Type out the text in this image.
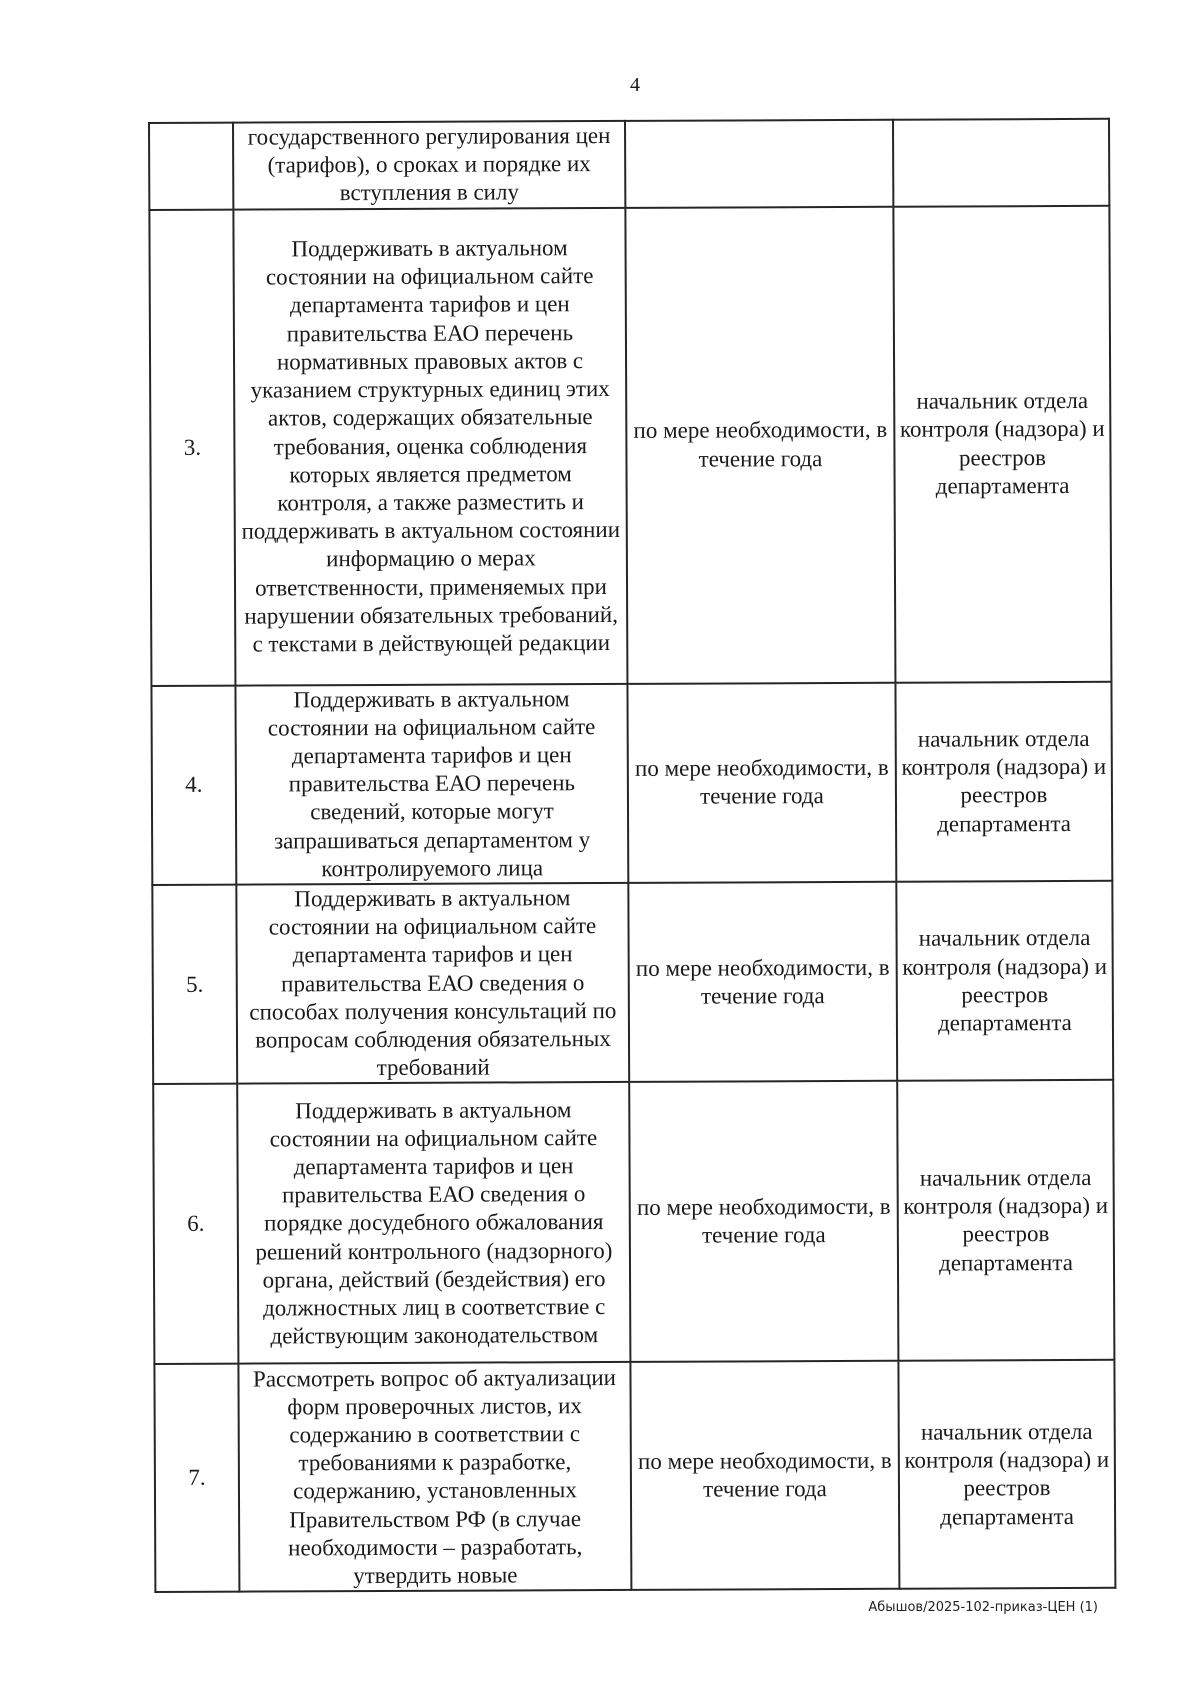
4
	государственного регулирования цен (тарифов), о сроках и порядке их вступления в силу		
3.	Поддерживать в актуальном состоянии на официальном сайте департамента тарифов и цен правительства ЕАО перечень нормативных правовых актов с указанием структурных единиц этих актов, содержащих обязательные требования, оценка соблюдения которых является предметом контроля, а также разместить и поддерживать в актуальном состоянии информацию о мерах ответственности, применяемых при нарушении обязательных требований, с текстами в действующей редакции	по мере необходимости, в течение года	начальник отдела контроля (надзора) и реестров департамента
4.	Поддерживать в актуальном состоянии на официальном сайте департамента тарифов и цен правительства ЕАО перечень сведений, которые могут запрашиваться департаментом у контролируемого лица	по мере необходимости, в течение года	начальник отдела контроля (надзора) и реестров департамента
5.	Поддерживать в актуальном состоянии на официальном сайте департамента тарифов и цен правительства ЕАО сведения о способах получения консультаций по вопросам соблюдения обязательных требований	по мере необходимости, в течение года	начальник отдела контроля (надзора) и реестров департамента
6.	Поддерживать в актуальном состоянии на официальном сайте департамента тарифов и цен правительства ЕАО сведения о порядке досудебного обжалования решений контрольного (надзорного) органа, действий (бездействия) его должностных лиц в соответствие с действующим законодательством	по мере необходимости, в течение года	начальник отдела контроля (надзора) и реестров департамента
7.	Рассмотреть вопрос об актуализации форм проверочных листов, их содержанию в соответствии с требованиями к разработке, содержанию, установленных Правительством РФ (в случае необходимости – разработать, утвердить новые	по мере необходимости, в течение года	начальник отдела контроля (надзора) и реестров департамента
Абышов/2025-102-приказ-ЦЕН (1)
